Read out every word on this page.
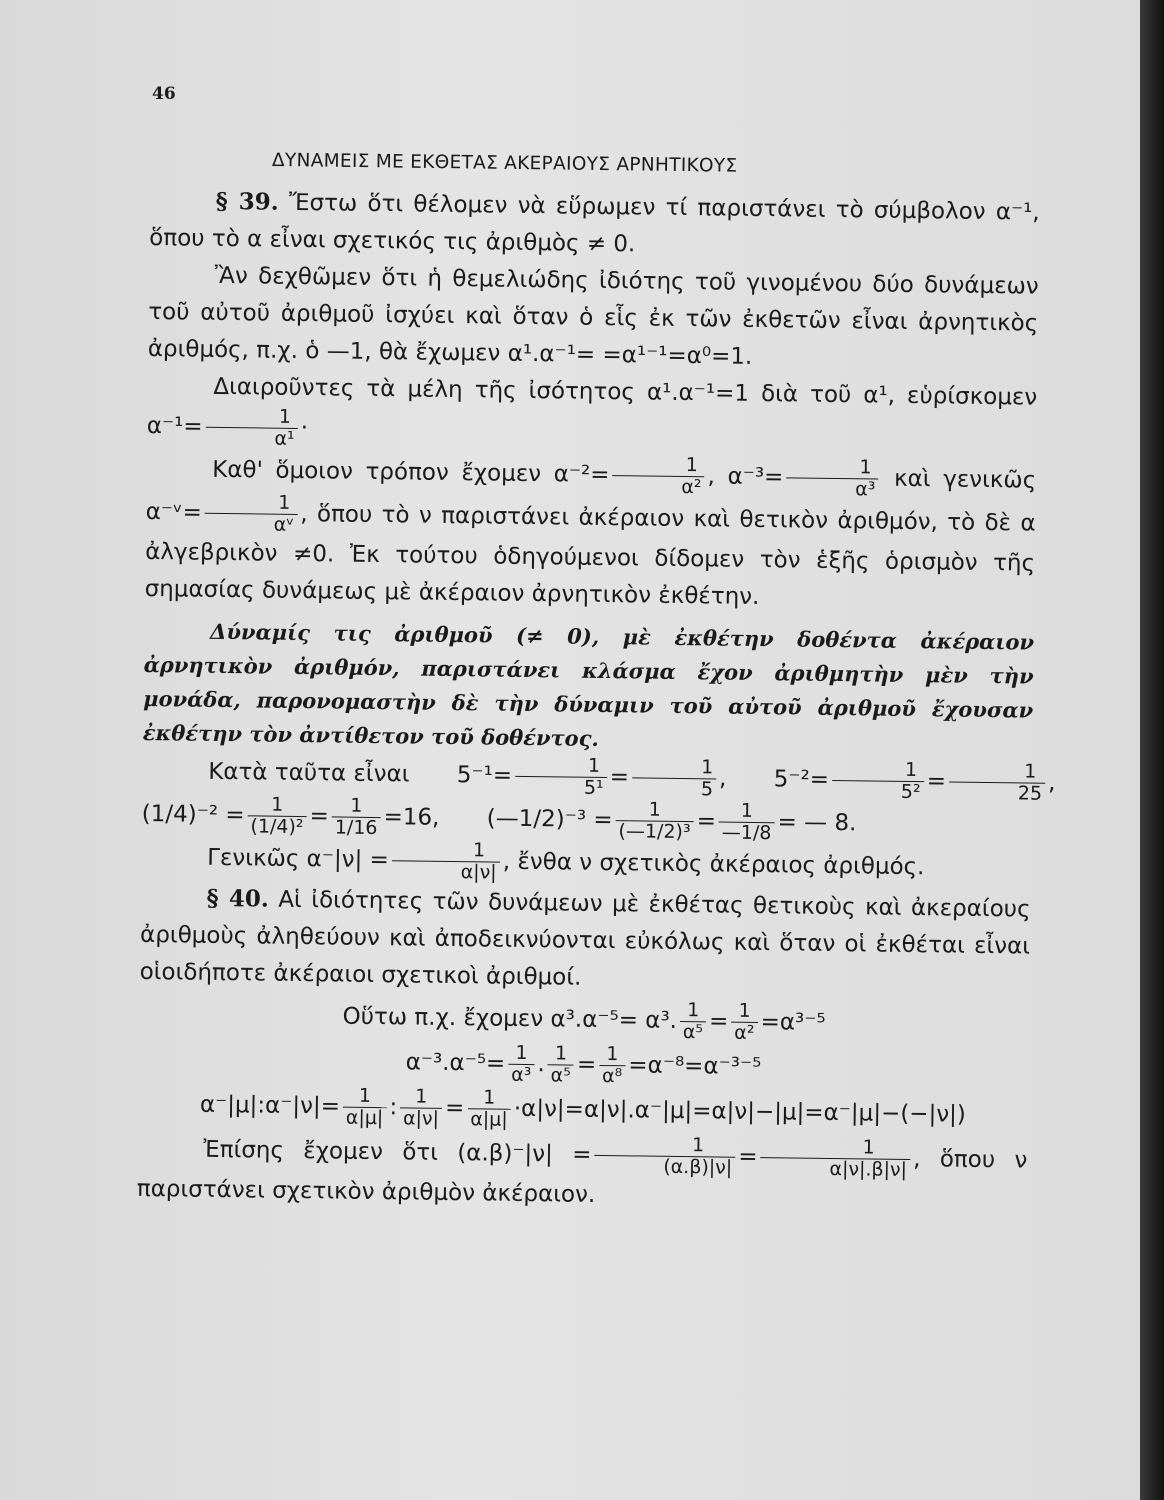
46
ΔΥΝΑΜΕΙΣ ΜΕ ΕΚΘΕΤΑΣ ΑΚΕΡΑΙΟΥΣ ΑΡΝΗΤΙΚΟΥΣ

§ 39. Ἔστω ὅτι θέλομεν νὰ εὕρωμεν τί παριστάνει τὸ σύμβολον α⁻¹, ὅπου τὸ α εἶναι σχετικός τις ἀριθμὸς ≠ 0.

Ἂν δεχθῶμεν ὅτι ἡ θεμελιώδης ἰδιότης τοῦ γινομένου δύο δυνάμεων τοῦ αὐτοῦ ἀριθμοῦ ἰσχύει καὶ ὅταν ὁ εἷς ἐκ τῶν ἐκθετῶν εἶναι ἀρνητικὸς ἀριθμός, π.χ. ὁ —1, θὰ ἔχωμεν α¹.α⁻¹= =α¹⁻¹=α⁰=1.

Διαιροῦντες τὰ μέλη τῆς ἰσότητος α¹.α⁻¹=1 διὰ τοῦ α¹, εὑρίσκομεν $\alpha^{-1}= \frac{1}{\text{α¹}}$ ·

Καθ' ὅμοιον τρόπον ἔχομεν $\alpha^{-2}= \frac{1}{\text{α²}}$ , $\alpha^{-3}= \frac{1}{\text{α³}}$ καὶ γενικῶς α⁻ᵛ= $\frac{1}{\text{αᵛ}}$ , ὅπου τὸ ν παριστάνει ἀκέραιον καὶ θετικὸν ἀριθμόν, τὸ δὲ α ἀλγεβρικὸν ≠0. Ἐκ τούτου ὁδηγούμενοι δίδομεν τὸν ἑξῆς ὁρισμὸν τῆς σημασίας δυνάμεως μὲ ἀκέραιον ἀρνητικὸν ἐκθέτην.

Δύναμίς τις ἀριθμοῦ (≠ 0), μὲ ἐκθέτην δοθέντα ἀκέραιον ἀρνητικὸν ἀριθμόν, παριστάνει κλάσμα ἔχον ἀριθμητὴν μὲν τὴν μονάδα, παρονομαστὴν δὲ τὴν δύναμιν τοῦ αὐτοῦ ἀριθμοῦ ἔχουσαν ἐκθέτην τὸν ἀντίθετον τοῦ δοθέντος.

Κατὰ ταῦτα εἶναι $5^{-1}= \frac{1}{\text{5¹}} = \frac{1}{5}$ , $5^{-2}= \frac{1}{\text{5²}} = \frac{1}{25}$ ,
$(1/4)^{-2} = \frac{1}{\text{(1/4)²}} = \frac{1}{1/16} =16$, (—1/2)⁻³ = $\frac{1}{\text{(—1/2)³}} = \frac{1}{—1/8}$ = — 8.

Γενικῶς $\alpha^-|\nu| = \frac{1}{\alpha|\nu|}$ , ἔνθα ν σχετικὸς ἀκέραιος ἀριθμός.

§ 40. Αἱ ἰδιότητες τῶν δυνάμεων μὲ ἐκθέτας θετικοὺς καὶ ἀκεραίους ἀριθμοὺς ἀληθεύουν καὶ ἀποδεικνύονται εὐκόλως καὶ ὅταν οἱ ἐκθέται εἶναι οἱοιδήποτε ἀκέραιοι σχετικοὶ ἀριθμοί.

Οὕτω π.χ. ἔχομεν α³.α⁻⁵= α³. $\frac{1}{\text{α⁵}} = \frac{1}{\text{α²}} =\alpha^{3-5}$
$\alpha^{-3}.\alpha^{-5}= \frac{1}{\text{α³}}$ . $\frac{1}{\text{α⁵}} = \frac{1}{\text{α⁸}} =\alpha^{-8}=\alpha^{-3-5}$
α⁻|μ|:α⁻|ν|= $\frac{1}{\alpha|\mu|}$ : $\frac{1}{\alpha|\nu|} = \frac{1}{\alpha|\mu|} \cdot\alpha|\nu|=\alpha|\nu|.\alpha^-|\mu|=\alpha|\nu|-|\mu|=\alpha^-|\mu|-(-|\nu|)$

Ἐπίσης ἔχομεν ὅτι $(\alpha.\beta)^-|\nu| = \frac{1}{(\alpha.\beta)|\nu|} = \frac{1}{\alpha|\nu|.\beta|\nu|}$ , ὅπου ν παριστάνει σχετικὸν ἀριθμὸν ἀκέραιον.
